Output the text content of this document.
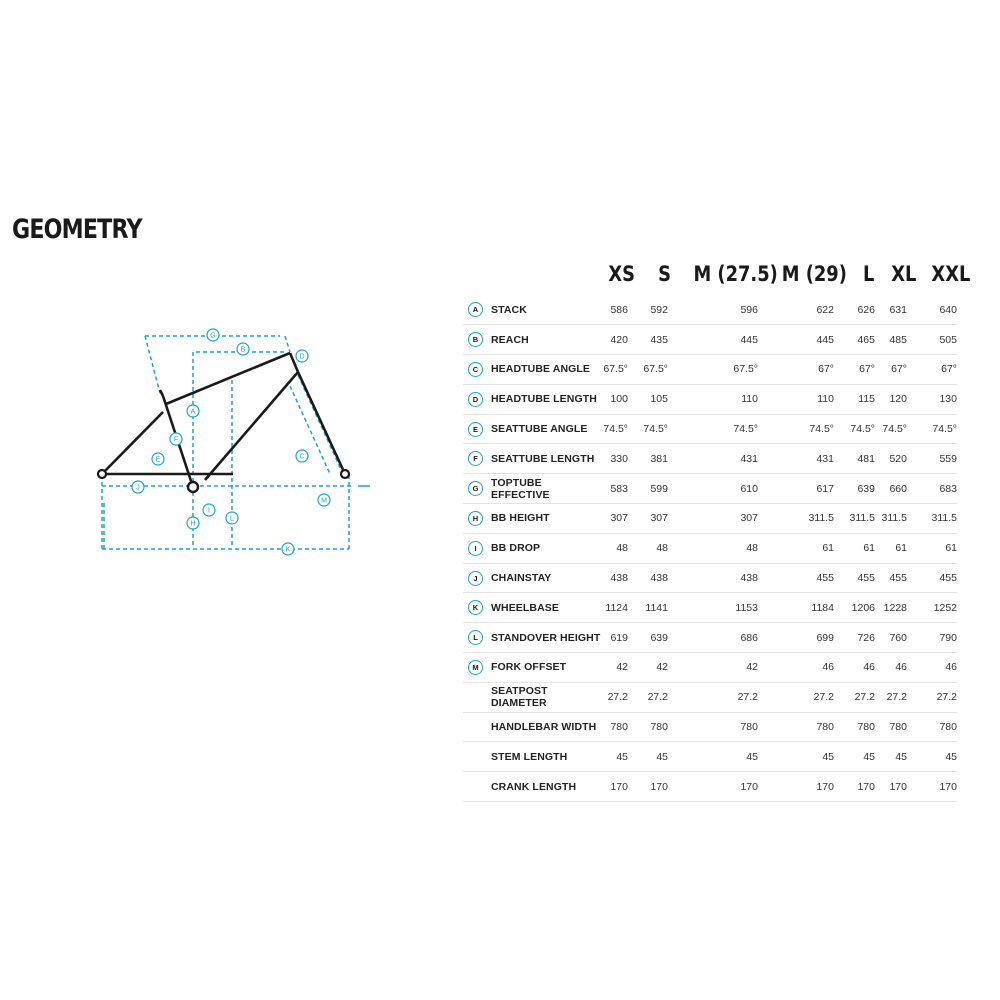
GEOMETRY
A
B
C
D
E
F
G
H
I
J
K
L
M
XS S M (27.5) M (29) L XL XXL
A	STACK	586	592	596	622	626	631	640
B	REACH	420	435	445	445	465	485	505
C	HEADTUBE ANGLE	67.5°	67.5°	67.5°	67°	67°	67°	67°
D	HEADTUBE LENGTH	100	105	110	110	115	120	130
E	SEATTUBE ANGLE	74.5°	74.5°	74.5°	74.5°	74.5°	74.5°	74.5°
F	SEATTUBE LENGTH	330	381	431	431	481	520	559
G	TOPTUBE EFFECTIVE	583	599	610	617	639	660	683
H	BB HEIGHT	307	307	307	311.5	311.5	311.5	311.5
I	BB DROP	48	48	48	61	61	61	61
J	CHAINSTAY	438	438	438	455	455	455	455
K	WHEELBASE	1124	1141	1153	1184	1206	1228	1252
L	STANDOVER HEIGHT	619	639	686	699	726	760	790
M	FORK OFFSET	42	42	42	46	46	46	46
	SEATPOST DIAMETER	27.2	27.2	27.2	27.2	27.2	27.2	27.2
	HANDLEBAR WIDTH	780	780	780	780	780	780	780
	STEM LENGTH	45	45	45	45	45	45	45
	CRANK LENGTH	170	170	170	170	170	170	170
